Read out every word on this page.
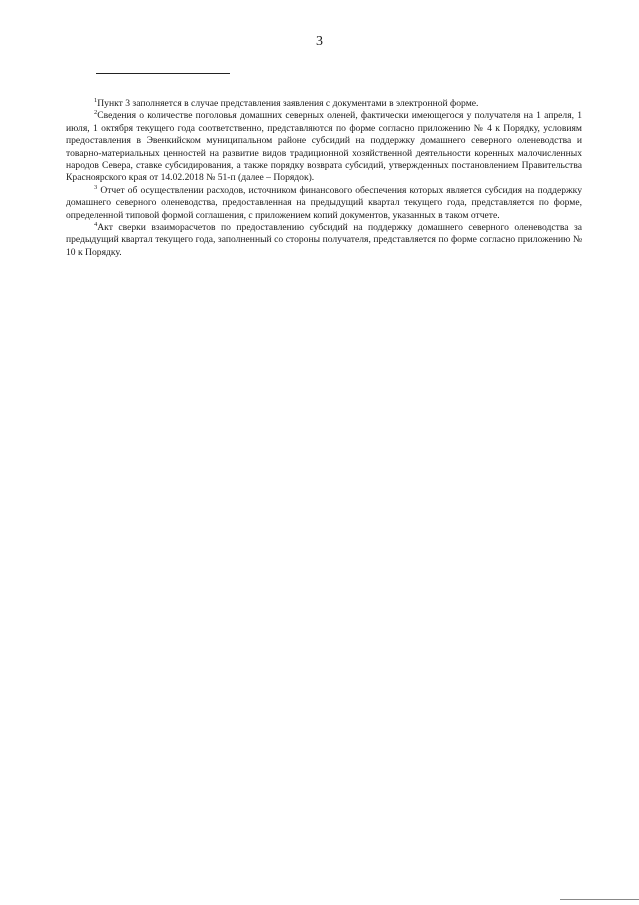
3

$^1$Пункт 3 заполняется в случае представления заявления с документами в электронной форме.

$^2$Сведения о количестве поголовья домашних северных оленей, фактически имеющегося у получателя на 1 апреля, 1 июля, 1 октября текущего года соответственно, представляются по форме согласно приложению № 4 к Порядку, условиям предоставления в Эвенкийском муниципальном районе субсидий на поддержку домашнего северного оленеводства и товарно-материальных ценностей на развитие видов традиционной хозяйственной деятельности коренных малочисленных народов Севера, ставке субсидирования, а также порядку возврата субсидий, утвержденных постановлением Правительства Красноярского края от 14.02.2018 № 51-п (далее – Порядок).

$^3$ Отчет об осуществлении расходов, источником финансового обеспечения которых является субсидия на поддержку домашнего северного оленеводства, предоставленная на предыдущий квартал текущего года, представляется по форме, определенной типовой формой соглашения, с приложением копий документов, указанных в таком отчете.

$^4$Акт сверки взаиморасчетов по предоставлению субсидий на поддержку домашнего северного оленеводства за предыдущий квартал текущего года, заполненный со стороны получателя, представляется по форме согласно приложению № 10 к Порядку.
